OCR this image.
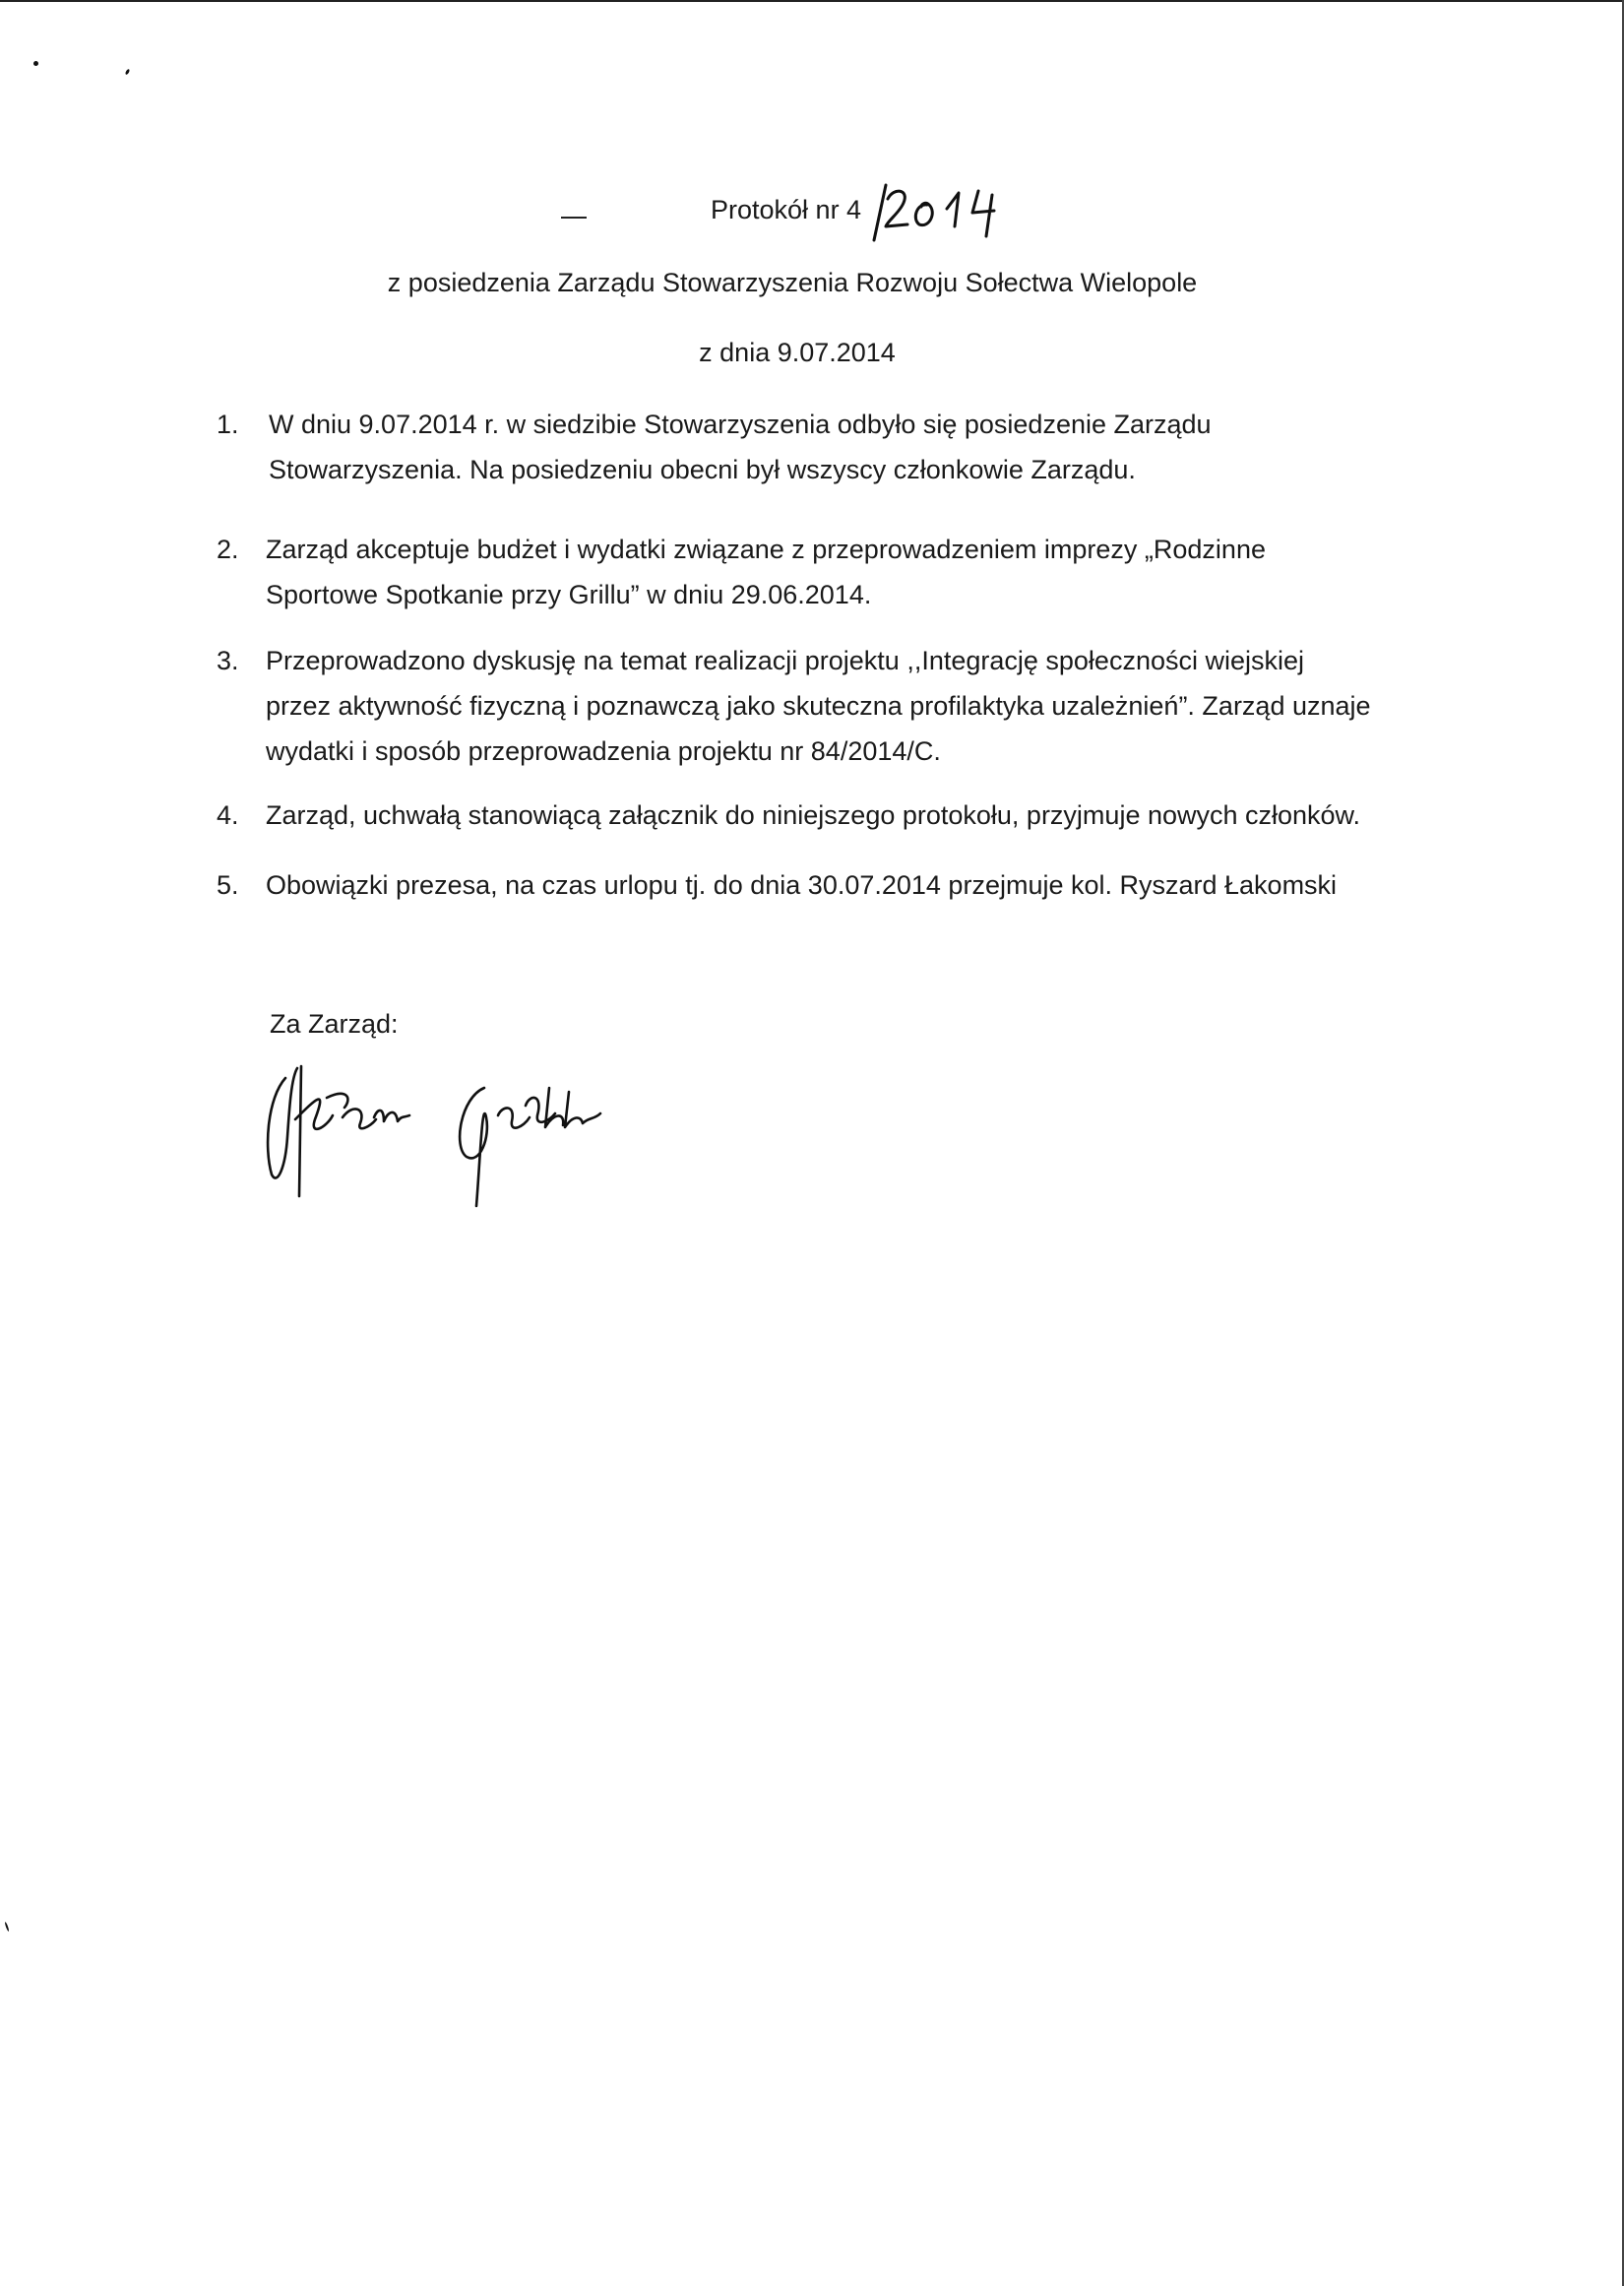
Protokół nr 4
z posiedzenia Zarządu Stowarzyszenia Rozwoju Sołectwa Wielopole
z dnia 9.07.2014
1.	W dniu 9.07.2014 r. w siedzibie Stowarzyszenia odbyło się posiedzenie Zarządu
Stowarzyszenia. Na posiedzeniu obecni był wszyscy członkowie Zarządu.
2.	Zarząd akceptuje budżet i wydatki związane z przeprowadzeniem imprezy „Rodzinne
Sportowe Spotkanie przy Grillu” w dniu 29.06.2014.
3.	Przeprowadzono dyskusję na temat realizacji projektu ,,Integrację społeczności wiejskiej
przez aktywność fizyczną i poznawczą jako skuteczna profilaktyka uzależnień”. Zarząd uznaje
wydatki i sposób przeprowadzenia projektu nr 84/2014/C.
4.	Zarząd, uchwałą stanowiącą załącznik do niniejszego protokołu, przyjmuje nowych członków.
5.	Obowiązki prezesa, na czas urlopu tj. do dnia 30.07.2014 przejmuje kol. Ryszard Łakomski
Za Zarząd:
